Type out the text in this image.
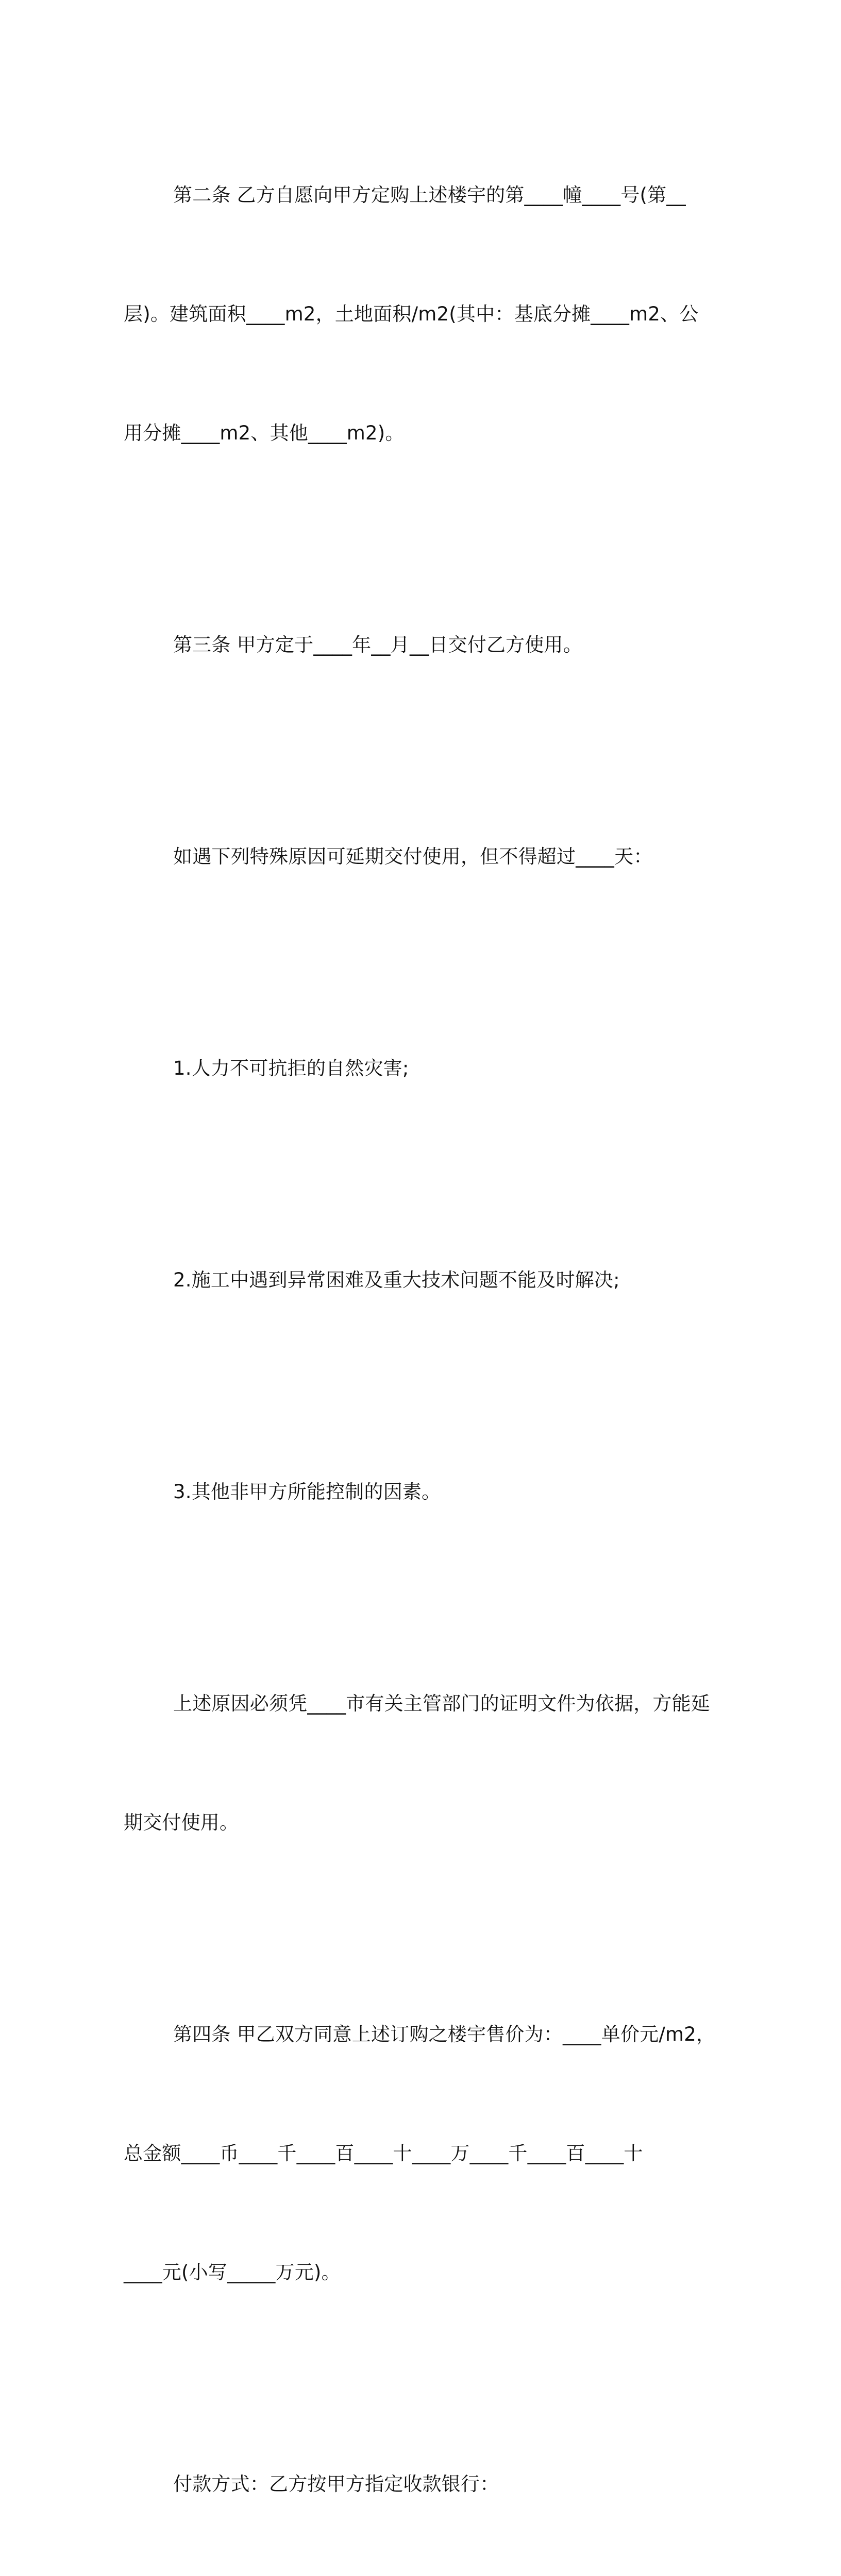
第二条 乙方自愿向甲方定购上述楼宇的第____幢____号(第__

层)。建筑面积____m2，土地面积/m2(其中：基底分摊____m2、公

用分摊____m2、其他____m2)。

第三条 甲方定于____年__月__日交付乙方使用。

如遇下列特殊原因可延期交付使用，但不得超过____天：

1.人力不可抗拒的自然灾害;

2.施工中遇到异常困难及重大技术问题不能及时解决;

3.其他非甲方所能控制的因素。

上述原因必须凭____市有关主管部门的证明文件为依据，方能延

期交付使用。

第四条 甲乙双方同意上述订购之楼宇售价为：____单价元/m2，

总金额____币____千____百____十____万____千____百____十

____元(小写_____万元)。

付款方式：乙方按甲方指定收款银行：
